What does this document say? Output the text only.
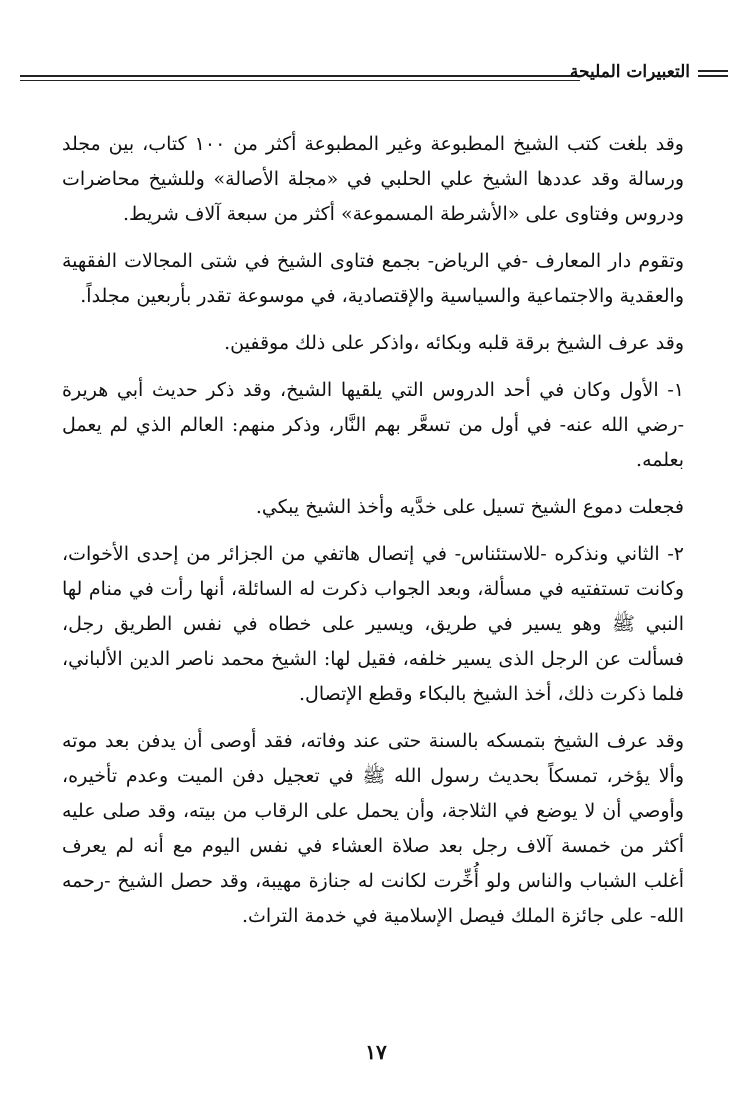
التعبيرات المليحة

وقد بلغت كتب الشيخ المطبوعة وغير المطبوعة أكثر من ١٠٠ كتاب، بين مجلد ورسالة وقد عددها الشيخ علي الحلبي في «مجلة الأصالة» وللشيخ محاضرات ودروس وفتاوى على «الأشرطة المسموعة» أكثر من سبعة آلاف شريط.

وتقوم دار المعارف -في الرياض- بجمع فتاوى الشيخ في شتى المجالات الفقهية والعقدية والاجتماعية والسياسية والإقتصادية، في موسوعة تقدر بأربعين مجلداً.

وقد عرف الشيخ برقة قلبه وبكائه ،واذكر على ذلك موقفين.

١- الأول وكان في أحد الدروس التي يلقيها الشيخ، وقد ذكر حديث أبي هريرة -رضي الله عنه- في أول من تسعَّر بهم النَّار، وذكر منهم: العالم الذي لم يعمل بعلمه.

فجعلت دموع الشيخ تسيل على خدَّيه وأخذ الشيخ يبكي.

٢- الثاني ونذكره -للاستئناس- في إتصال هاتفي من الجزائر من إحدى الأخوات، وكانت تستفتيه في مسألة، وبعد الجواب ذكرت له السائلة، أنها رأت في منام لها النبي ﷺ وهو يسير في طريق، ويسير على خطاه في نفس الطريق رجل، فسألت عن الرجل الذى يسير خلفه، فقيل لها: الشيخ محمد ناصر الدين الألباني، فلما ذكرت ذلك، أخذ الشيخ بالبكاء وقطع الإتصال.

وقد عرف الشيخ بتمسكه بالسنة حتى عند وفاته، فقد أوصى أن يدفن بعد موته وألا يؤخر، تمسكاً بحديث رسول الله ﷺ في تعجيل دفن الميت وعدم تأخيره، وأوصي أن لا يوضع في الثلاجة، وأن يحمل على الرقاب من بيته، وقد صلى عليه أكثر من خمسة آلاف رجل بعد صلاة العشاء في نفس اليوم مع أنه لم يعرف أغلب الشباب والناس ولو أُخِّرت لكانت له جنازة مهيبة، وقد حصل الشيخ -رحمه الله- على جائزة الملك فيصل الإسلامية في خدمة التراث.

١٧
